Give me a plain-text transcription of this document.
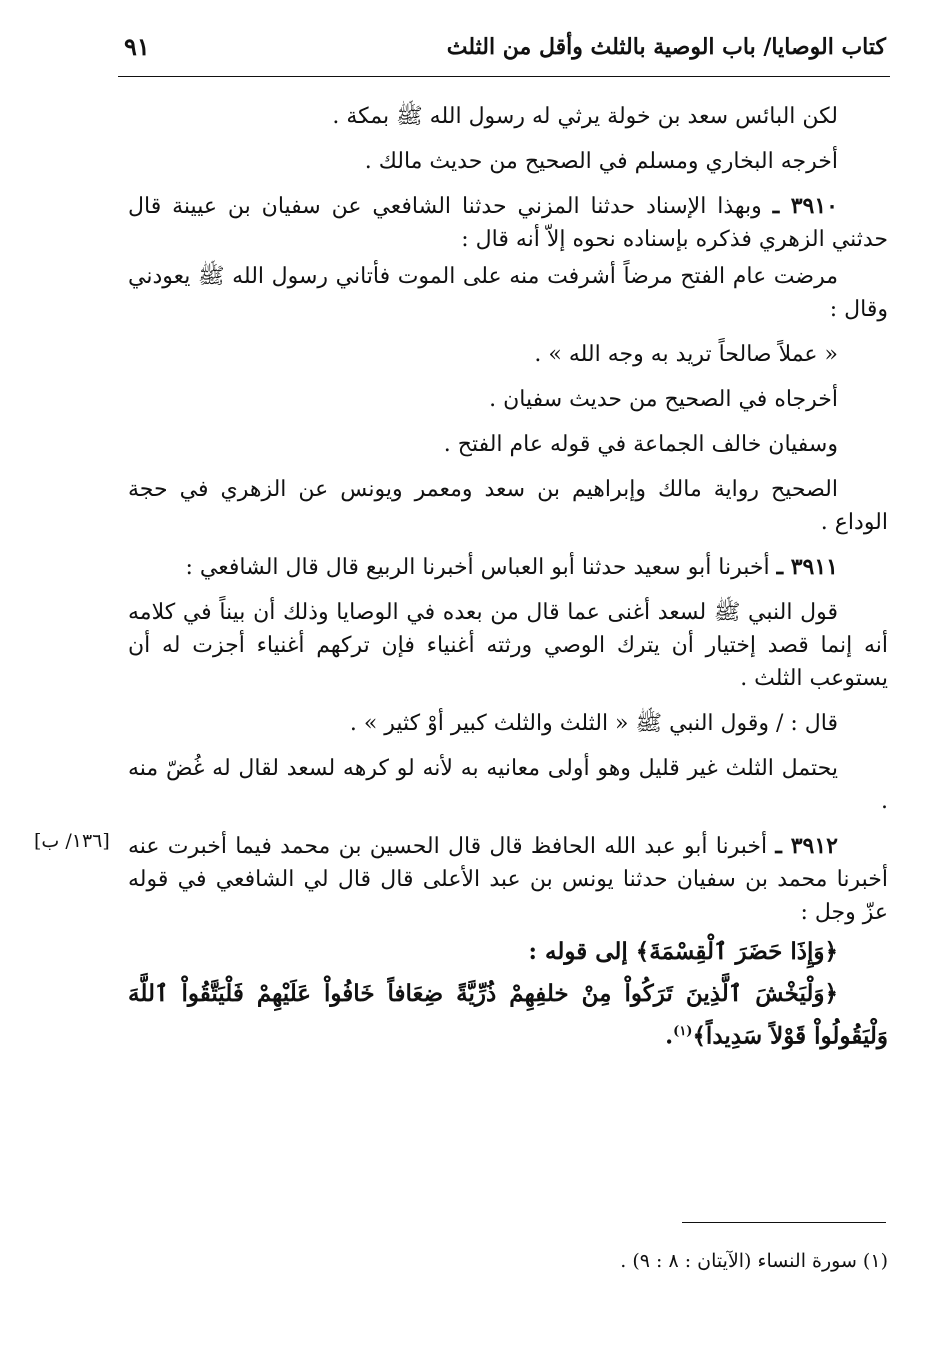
كتاب الوصايا/ باب الوصية بالثلث وأقل من الثلث
٩١

لكن البائس سعد بن خولة يرثي له رسول الله ﷺ بمكة .

أخرجه البخاري ومسلم في الصحيح من حديث مالك .

٣٩١٠ ـ وبهذا الإسناد حدثنا المزني حدثنا الشافعي عن سفيان بن عيينة قال حدثني الزهري فذكره بإسناده نحوه إلاّ أنه قال :

مرضت عام الفتح مرضاً أشرفت منه على الموت فأتاني رسول الله ﷺ يعودني وقال :

« عملاً صالحاً تريد به وجه الله » .

أخرجاه في الصحيح من حديث سفيان .

وسفيان خالف الجماعة في قوله عام الفتح .

الصحيح رواية مالك وإبراهيم بن سعد ومعمر ويونس عن الزهري في حجة الوداع .

٣٩١١ ـ أخبرنا أبو سعيد حدثنا أبو العباس أخبرنا الربيع قال قال الشافعي :

قول النبي ﷺ لسعد أغنى عما قال من بعده في الوصايا وذلك أن بيناً في كلامه أنه إنما قصد إختيار أن يترك الوصي ورثته أغنياء فإن تركهم أغنياء أجزت له أن يستوعب الثلث .

قال : / وقول النبي ﷺ « الثلث والثلث كبير أوْ كثير » .

يحتمل الثلث غير قليل وهو أولى معانيه به لأنه لو كرهه لسعد لقال له غُضّ منه .

٣٩١٢ ـ أخبرنا أبو عبد الله الحافظ قال قال الحسين بن محمد فيما أخبرت عنه أخبرنا محمد بن سفيان حدثنا يونس بن عبد الأعلى قال قال لي الشافعي في قوله عزّ وجل :

﴿وَإِذَا حَضَرَ ٱلْقِسْمَةَ﴾ إلى قوله :

﴿وَلْيَخْشَ ٱلَّذِينَ تَرَكُواْ مِنْ خلفِهِمْ ذُرِّيَّةً ضِعَافاً خَافُواْ عَلَيْهِمْ فَلْيَتَّقُواْ ٱللَّهَ وَلْيَقُولُواْ قَوْلاً سَدِيداً﴾$^{(١)}$.

[١٣٦/ ب]
(١) سورة النساء (الآيتان : ٨ : ٩) .
